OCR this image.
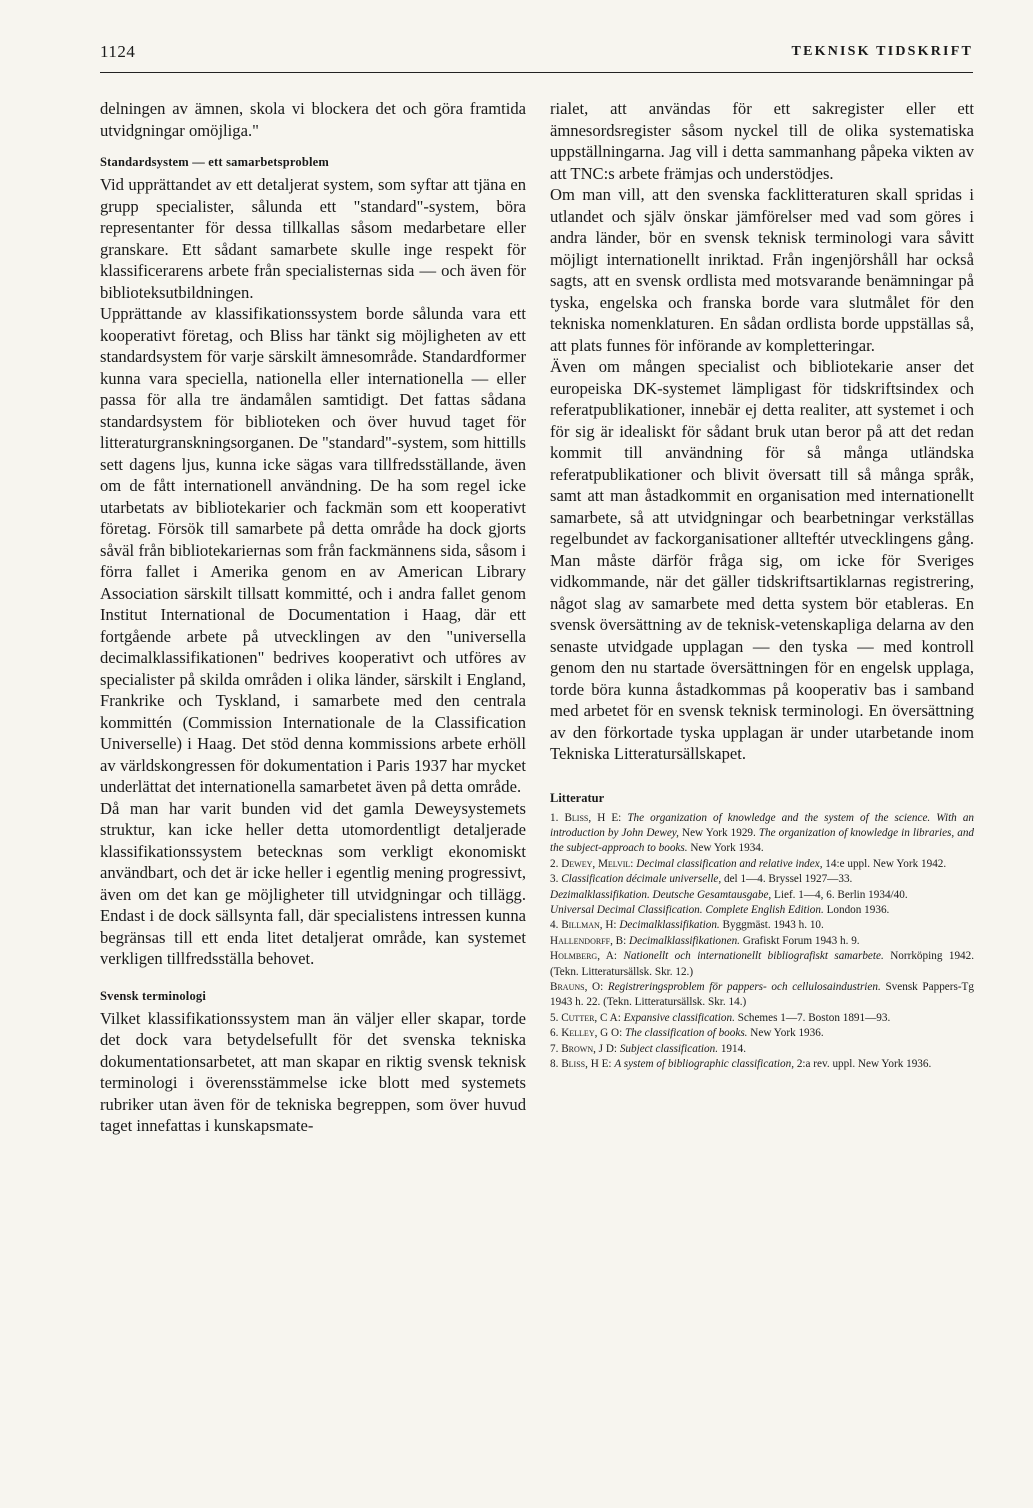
1124	TEKNISK TIDSKRIFT

delningen av ämnen, skola vi blockera det och göra framtida utvidgningar omöjliga."

Standardsystem — ett samarbetsproblem

Vid upprättandet av ett detaljerat system, som syftar att tjäna en grupp specialister, sålunda ett "standard"-system, böra representanter för dessa tillkallas såsom medarbetare eller granskare. Ett sådant samarbete skulle inge respekt för klassificerarens arbete från specialisternas sida — och även för biblioteksutbildningen.

Upprättande av klassifikationssystem borde sålunda vara ett kooperativt företag, och Bliss har tänkt sig möjligheten av ett standardsystem för varje särskilt ämnesområde. Standardformer kunna vara speciella, nationella eller internationella — eller passa för alla tre ändamålen samtidigt. Det fattas sådana standardsystem för biblioteken och över huvud taget för litteraturgranskningsorganen. De "standard"-system, som hittills sett dagens ljus, kunna icke sägas vara tillfredsställande, även om de fått internationell användning. De ha som regel icke utarbetats av bibliotekarier och fackmän som ett kooperativt företag. Försök till samarbete på detta område ha dock gjorts såväl från bibliotekariernas som från fackmännens sida, såsom i förra fallet i Amerika genom en av American Library Association särskilt tillsatt kommitté, och i andra fallet genom Institut International de Documentation i Haag, där ett fortgående arbete på utvecklingen av den "universella decimalklassifikationen" bedrives kooperativt och utföres av specialister på skilda områden i olika länder, särskilt i England, Frankrike och Tyskland, i samarbete med den centrala kommittén (Commission Internationale de la Classification Universelle) i Haag. Det stöd denna kommissions arbete erhöll av världskongressen för dokumentation i Paris 1937 har mycket underlättat det internationella samarbetet även på detta område.

Då man har varit bunden vid det gamla Deweysystemets struktur, kan icke heller detta utomordentligt detaljerade klassifikationssystem betecknas som verkligt ekonomiskt användbart, och det är icke heller i egentlig mening progressivt, även om det kan ge möjligheter till utvidgningar och tillägg. Endast i de dock sällsynta fall, där specialistens intressen kunna begränsas till ett enda litet detaljerat område, kan systemet verkligen tillfredsställa behovet.

Svensk terminologi

Vilket klassifikationssystem man än väljer eller skapar, torde det dock vara betydelsefullt för det svenska tekniska dokumentationsarbetet, att man skapar en riktig svensk teknisk terminologi i överensstämmelse icke blott med systemets rubriker utan även för de tekniska begreppen, som över huvud taget innefattas i kunskapsmate-

rialet, att användas för ett sakregister eller ett ämnesordsregister såsom nyckel till de olika systematiska uppställningarna. Jag vill i detta sammanhang påpeka vikten av att TNC:s arbete främjas och understödjes.

Om man vill, att den svenska facklitteraturen skall spridas i utlandet och själv önskar jämförelser med vad som göres i andra länder, bör en svensk teknisk terminologi vara såvitt möjligt internationellt inriktad. Från ingenjörshåll har också sagts, att en svensk ordlista med motsvarande benämningar på tyska, engelska och franska borde vara slutmålet för den tekniska nomenklaturen. En sådan ordlista borde uppställas så, att plats funnes för införande av kompletteringar.

Även om mången specialist och bibliotekarie anser det europeiska DK-systemet lämpligast för tidskriftsindex och referatpublikationer, innebär ej detta realiter, att systemet i och för sig är idealiskt för sådant bruk utan beror på att det redan kommit till användning för så många utländska referatpublikationer och blivit översatt till så många språk, samt att man åstadkommit en organisation med internationellt samarbete, så att utvidgningar och bearbetningar verkställas regelbundet av fackorganisationer allteftér utvecklingens gång. Man måste därför fråga sig, om icke för Sveriges vidkommande, när det gäller tidskriftsartiklarnas registrering, något slag av samarbete med detta system bör etableras. En svensk översättning av de teknisk-vetenskapliga delarna av den senaste utvidgade upplagan — den tyska — med kontroll genom den nu startade översättningen för en engelsk upplaga, torde böra kunna åstadkommas på kooperativ bas i samband med arbetet för en svensk teknisk terminologi. En översättning av den förkortade tyska upplagan är under utarbetande inom Tekniska Litteratursällskapet.

Litteratur

1. Bliss, H E: The organization of knowledge and the system of the science. With an introduction by John Dewey, New York 1929. The organization of knowledge in libraries, and the subject-approach to books. New York 1934.

2. Dewey, Melvil: Decimal classification and relative index, 14:e uppl. New York 1942.

3. Classification décimale universelle, del 1—4. Bryssel 1927—33.

Dezimalklassifikation. Deutsche Gesamtausgabe, Lief. 1—4, 6. Berlin 1934/40.

Universal Decimal Classification. Complete English Edition. London 1936.

4. Billman, H: Decimalklassifikation. Byggmäst. 1943 h. 10.

Hallendorff, B: Decimalklassifikationen. Grafiskt Forum 1943 h. 9.

Holmberg, A: Nationellt och internationellt bibliografiskt samarbete. Norrköping 1942. (Tekn. Litteratursällsk. Skr. 12.)

Brauns, O: Registreringsproblem för pappers- och cellulosaindustrien. Svensk Pappers-Tg 1943 h. 22. (Tekn. Litteratursällsk. Skr. 14.)

5. Cutter, C A: Expansive classification. Schemes 1—7. Boston 1891—93.

6. Kelley, G O: The classification of books. New York 1936.

7. Brown, J D: Subject classification. 1914.

8. Bliss, H E: A system of bibliographic classification, 2:a rev. uppl. New York 1936.
